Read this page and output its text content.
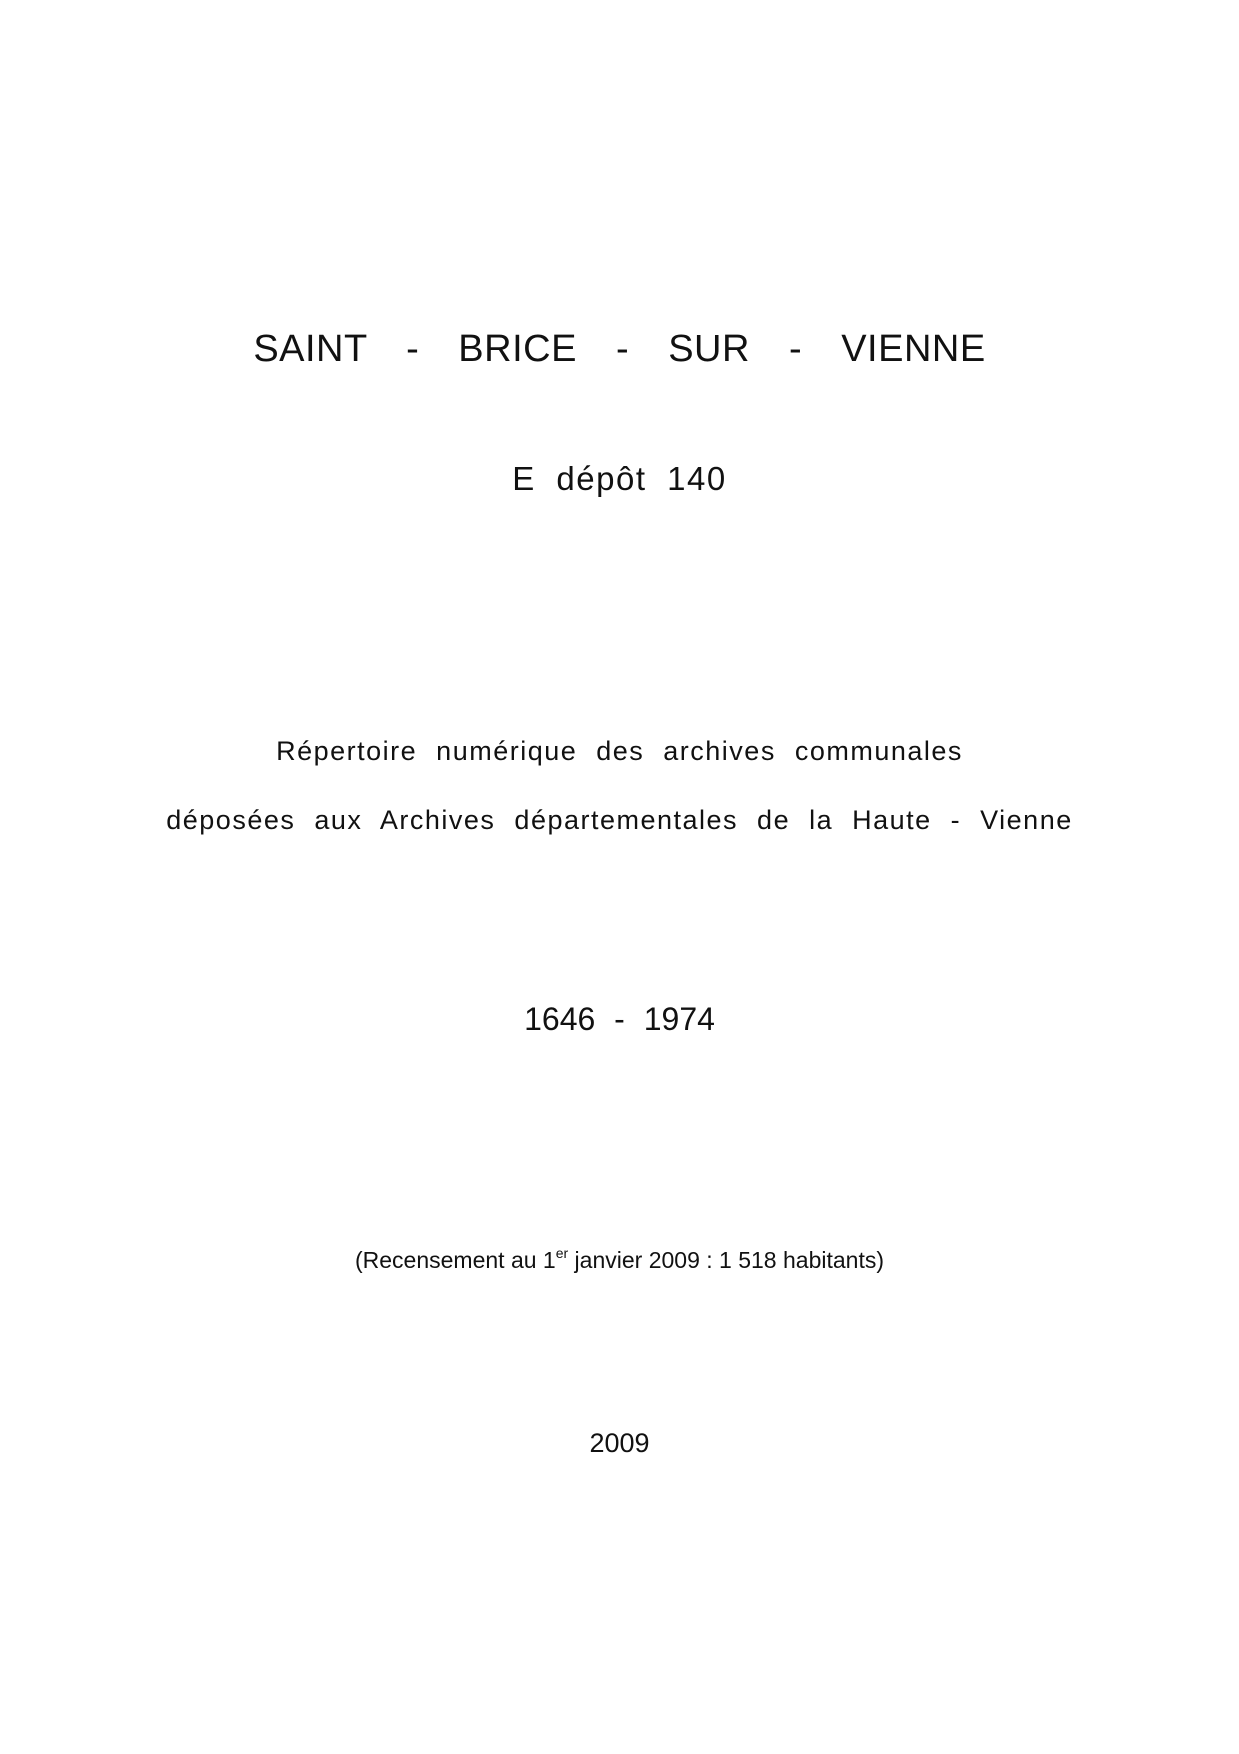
SAINT - BRICE - SUR - VIENNE
E dépôt 140
Répertoire numérique des archives communales
déposées aux Archives départementales de la Haute - Vienne
1646 - 1974
(Recensement au 1er janvier 2009 : 1 518 habitants)
2009
